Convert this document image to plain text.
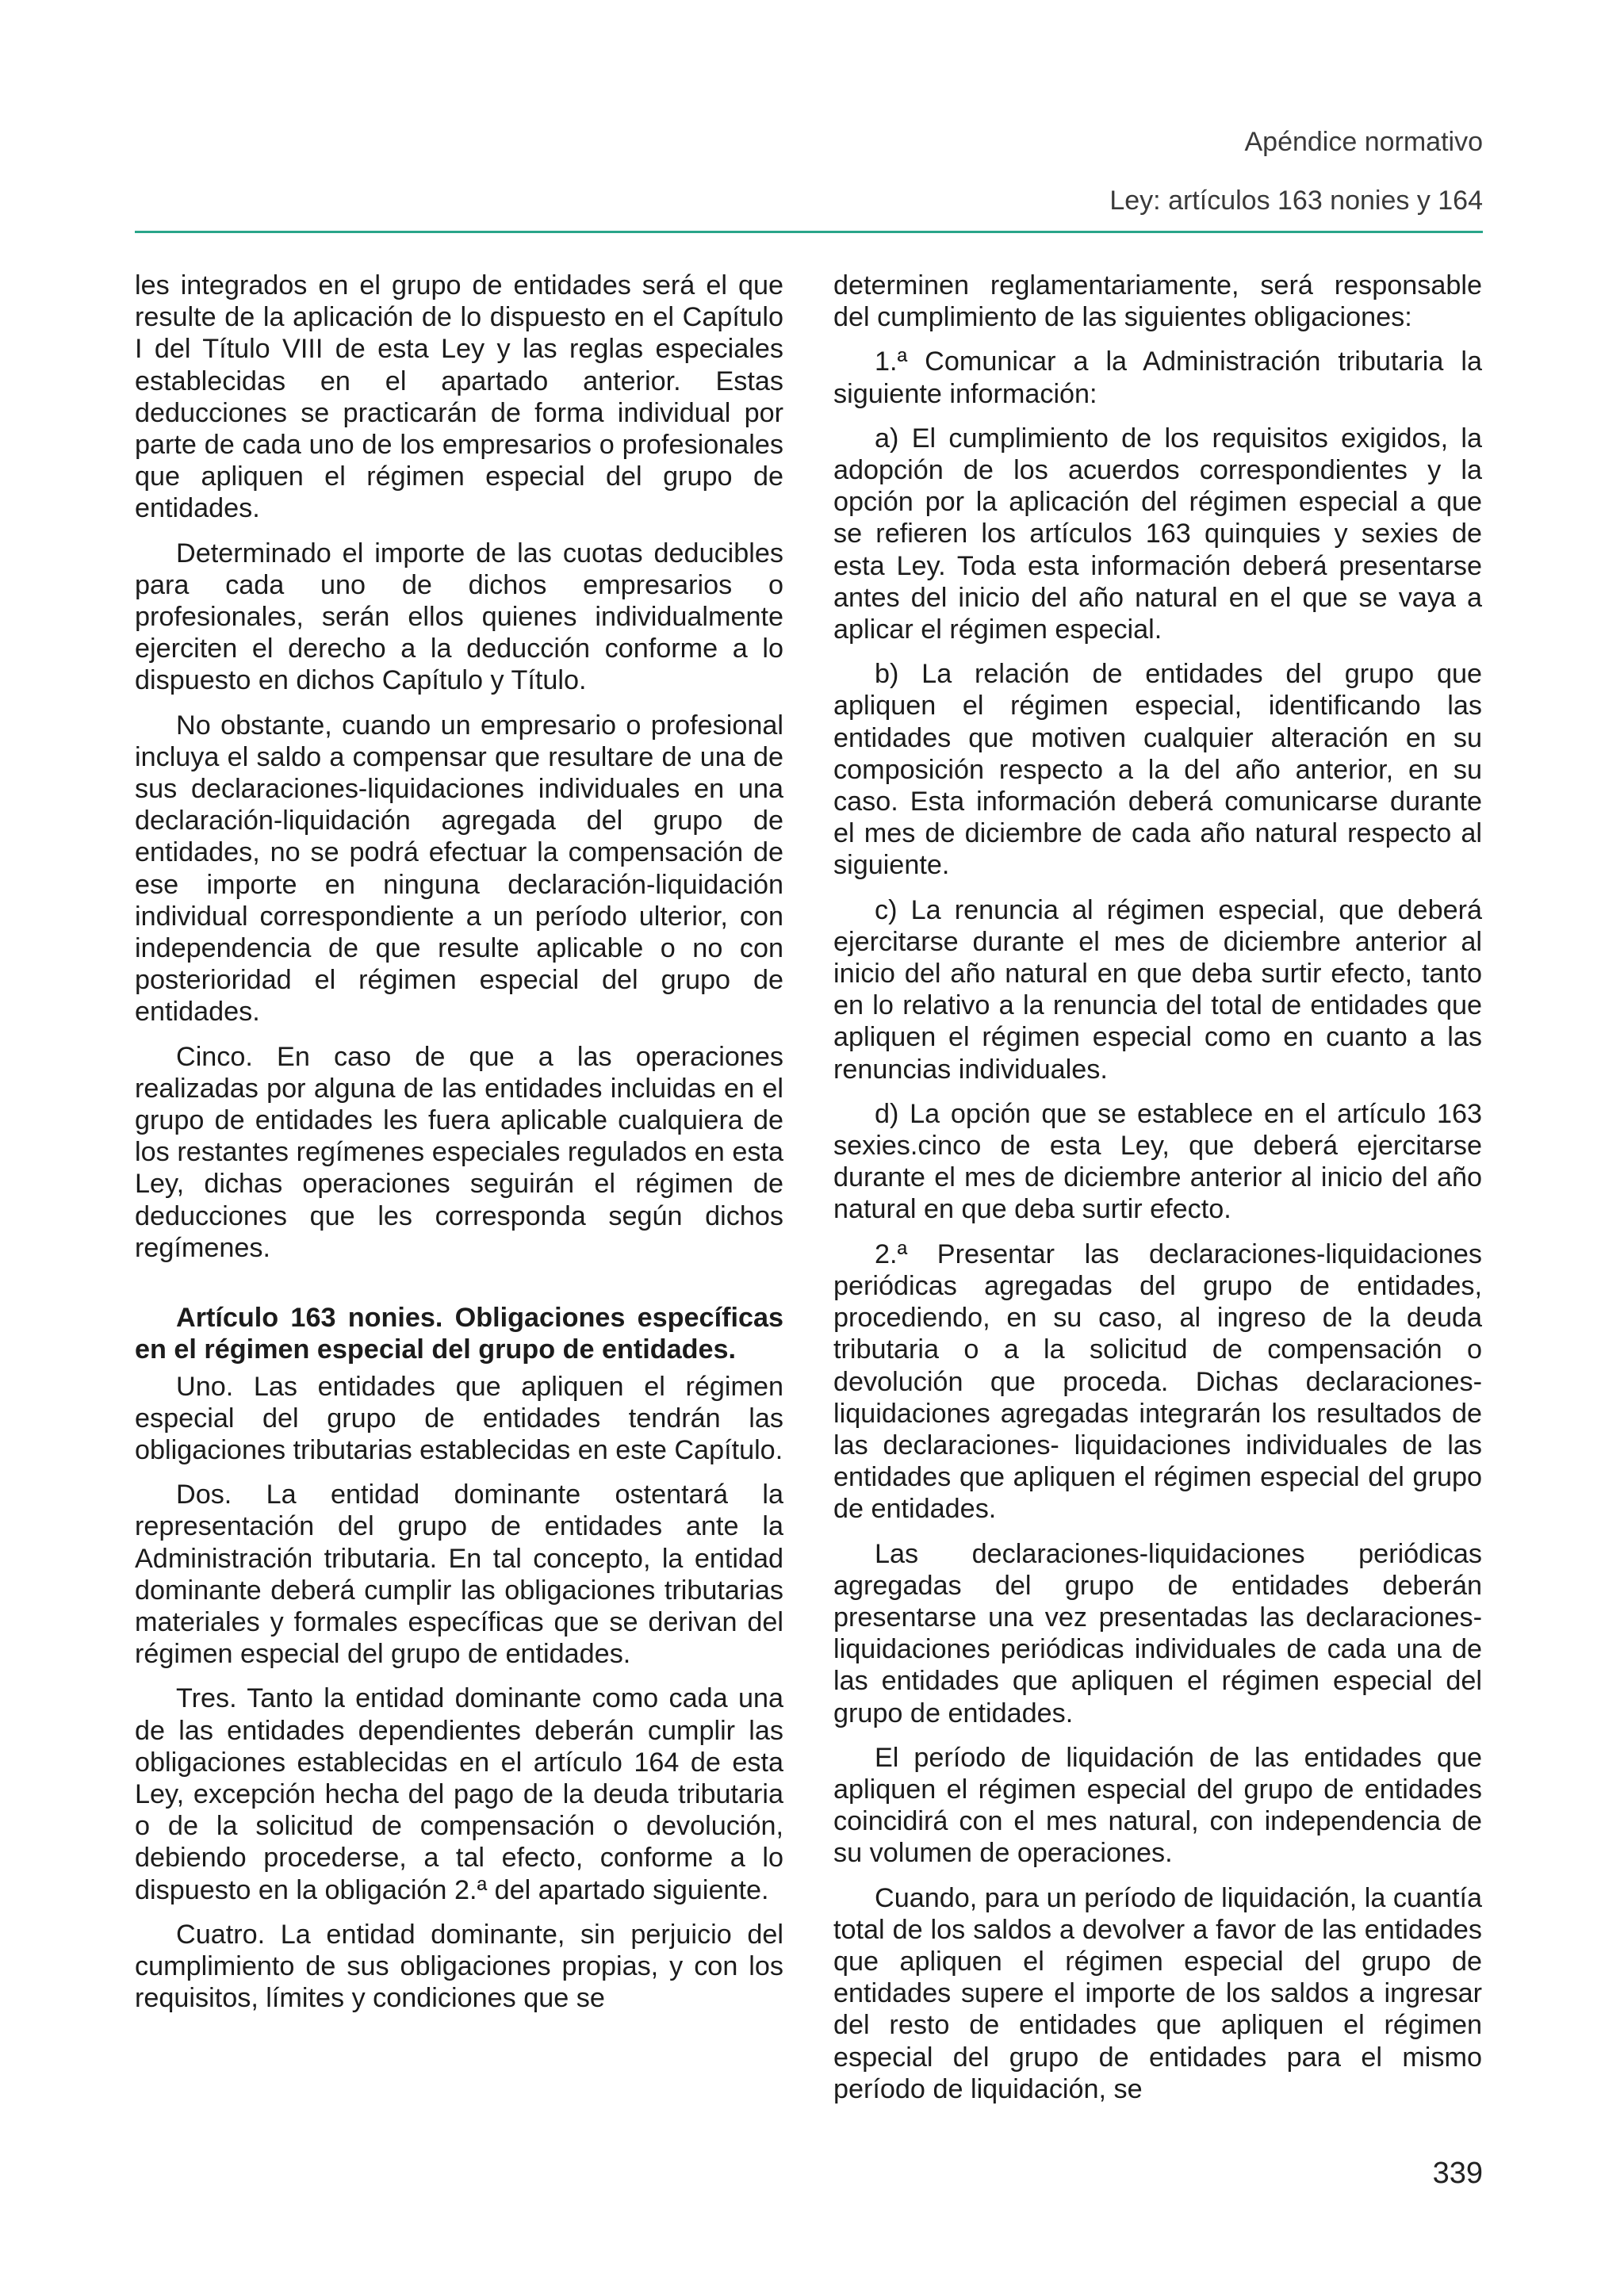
Apéndice normativo
Ley: artículos 163 nonies y 164

les integrados en el grupo de entidades será el que resulte de la aplicación de lo dispuesto en el Capítulo I del Título VIII de esta Ley y las reglas especiales establecidas en el apartado anterior. Estas deducciones se practicarán de forma individual por parte de cada uno de los empresarios o profesionales que apliquen el régimen especial del grupo de entidades.

Determinado el importe de las cuotas deducibles para cada uno de dichos empresarios o profesionales, serán ellos quienes individualmente ejerciten el derecho a la deducción conforme a lo dispuesto en dichos Capítulo y Título.

No obstante, cuando un empresario o profesional incluya el saldo a compensar que resultare de una de sus declaraciones-liquidaciones individuales en una declaración-liquidación agregada del grupo de entidades, no se podrá efectuar la compensación de ese importe en ninguna declaración-liquidación individual correspondiente a un período ulterior, con independencia de que resulte aplicable o no con posterioridad el régimen especial del grupo de entidades.

Cinco. En caso de que a las operaciones realizadas por alguna de las entidades incluidas en el grupo de entidades les fuera aplicable cualquiera de los restantes regímenes especiales regulados en esta Ley, dichas operaciones seguirán el régimen de deducciones que les corresponda según dichos regímenes.

Artículo 163 nonies. Obligaciones específicas en el régimen especial del grupo de entidades.

Uno. Las entidades que apliquen el régimen especial del grupo de entidades tendrán las obligaciones tributarias establecidas en este Capítulo.

Dos. La entidad dominante ostentará la representación del grupo de entidades ante la Administración tributaria. En tal concepto, la entidad dominante deberá cumplir las obligaciones tributarias materiales y formales específicas que se derivan del régimen especial del grupo de entidades.

Tres. Tanto la entidad dominante como cada una de las entidades dependientes deberán cumplir las obligaciones establecidas en el artículo 164 de esta Ley, excepción hecha del pago de la deuda tributaria o de la solicitud de compensación o devolución, debiendo procederse, a tal efecto, conforme a lo dispuesto en la obligación 2.ª del apartado siguiente.

Cuatro. La entidad dominante, sin perjuicio del cumplimiento de sus obligaciones propias, y con los requisitos, límites y condiciones que se

determinen reglamentariamente, será responsable del cumplimiento de las siguientes obligaciones:

1.ª Comunicar a la Administración tributaria la siguiente información:

a) El cumplimiento de los requisitos exigidos, la adopción de los acuerdos correspondientes y la opción por la aplicación del régimen especial a que se refieren los artículos 163 quinquies y sexies de esta Ley. Toda esta información deberá presentarse antes del inicio del año natural en el que se vaya a aplicar el régimen especial.

b) La relación de entidades del grupo que apliquen el régimen especial, identificando las entidades que motiven cualquier alteración en su composición respecto a la del año anterior, en su caso. Esta información deberá comunicarse durante el mes de diciembre de cada año natural respecto al siguiente.

c) La renuncia al régimen especial, que deberá ejercitarse durante el mes de diciembre anterior al inicio del año natural en que deba surtir efecto, tanto en lo relativo a la renuncia del total de entidades que apliquen el régimen especial como en cuanto a las renuncias individuales.

d) La opción que se establece en el artículo 163 sexies.cinco de esta Ley, que deberá ejercitarse durante el mes de diciembre anterior al inicio del año natural en que deba surtir efecto.

2.ª Presentar las declaraciones-liquidaciones periódicas agregadas del grupo de entidades, procediendo, en su caso, al ingreso de la deuda tributaria o a la solicitud de compensación o devolución que proceda. Dichas declaraciones-liquidaciones agregadas integrarán los resultados de las declaraciones- liquidaciones individuales de las entidades que apliquen el régimen especial del grupo de entidades.

Las declaraciones-liquidaciones periódicas agregadas del grupo de entidades deberán presentarse una vez presentadas las declaraciones-liquidaciones periódicas individuales de cada una de las entidades que apliquen el régimen especial del grupo de entidades.

El período de liquidación de las entidades que apliquen el régimen especial del grupo de entidades coincidirá con el mes natural, con independencia de su volumen de operaciones.

Cuando, para un período de liquidación, la cuantía total de los saldos a devolver a favor de las entidades que apliquen el régimen especial del grupo de entidades supere el importe de los saldos a ingresar del resto de entidades que apliquen el régimen especial del grupo de entidades para el mismo período de liquidación, se

339
